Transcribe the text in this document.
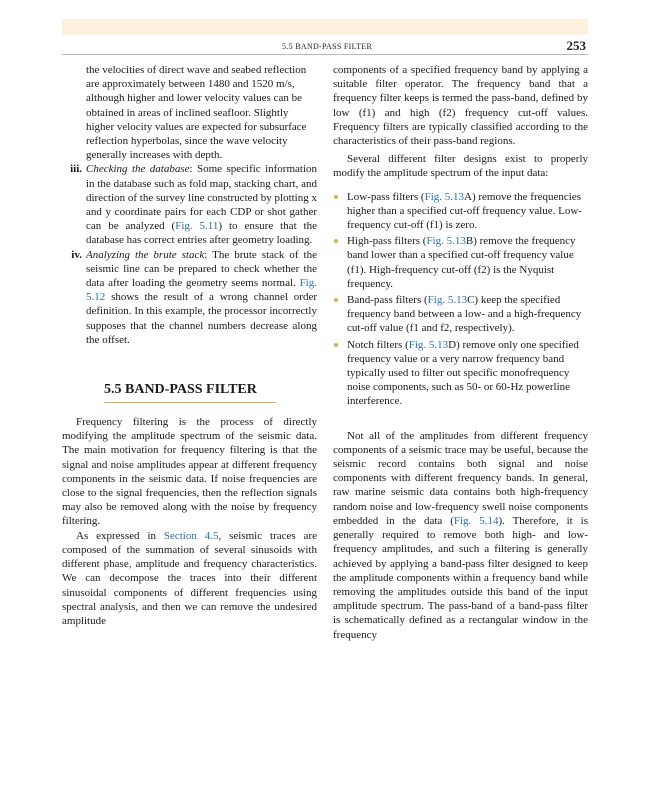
5.5 BAND-PASS FILTER	253

the velocities of direct wave and seabed reflection are approximately between 1480 and 1520 m/s, although higher and lower velocity values can be obtained in areas of inclined seafloor. Slightly higher velocity values are expected for subsurface reflection hyperbolas, since the wave velocity generally increases with depth.

iii. Checking the database: Some specific information in the database such as fold map, stacking chart, and direction of the survey line constructed by plotting x and y coordinate pairs for each CDP or shot gather can be analyzed (Fig. 5.11) to ensure that the database has correct entries after geometry loading.
iv. Analyzing the brute stack: The brute stack of the seismic line can be prepared to check whether the data after loading the geometry seems normal. Fig. 5.12 shows the result of a wrong channel order definition. In this example, the processor incorrectly supposes that the channel numbers decrease along the offset.
5.5 BAND-PASS FILTER

Frequency filtering is the process of directly modifying the amplitude spectrum of the seismic data. The main motivation for frequency filtering is that the signal and noise amplitudes appear at different frequency components in the seismic data. If noise frequencies are close to the signal frequencies, then the reflection signals may also be removed along with the noise by frequency filtering.

As expressed in Section 4.5, seismic traces are composed of the summation of several sinusoids with different phase, amplitude and frequency characteristics. We can decompose the traces into their different sinusoidal components of different frequencies using spectral analysis, and then we can remove the undesired amplitude

components of a specified frequency band by applying a suitable filter operator. The frequency band that a frequency filter keeps is termed the pass-band, defined by low (f1) and high (f2) frequency cut-off values. Frequency filters are typically classified according to the characteristics of their pass-band regions.

Several different filter designs exist to properly modify the amplitude spectrum of the input data:

Low-pass filters (Fig. 5.13A) remove the frequencies higher than a specified cut-off frequency value. Low-frequency cut-off (f1) is zero.
High-pass filters (Fig. 5.13B) remove the frequency band lower than a specified cut-off frequency value (f1). High-frequency cut-off (f2) is the Nyquist frequency.
Band-pass filters (Fig. 5.13C) keep the specified frequency band between a low- and a high-frequency cut-off value (f1 and f2, respectively).
Notch filters (Fig. 5.13D) remove only one specified frequency value or a very narrow frequency band typically used to filter out specific monofrequency noise components, such as 50- or 60-Hz powerline interference.

Not all of the amplitudes from different frequency components of a seismic trace may be useful, because the seismic record contains both signal and noise components with different frequency bands. In general, raw marine seismic data contains both high-frequency random noise and low-frequency swell noise components embedded in the data (Fig. 5.14). Therefore, it is generally required to remove both high- and low-frequency amplitudes, and such a filtering is generally achieved by applying a band-pass filter designed to keep the amplitude components within a frequency band while removing the amplitudes outside this band of the input amplitude spectrum. The pass-band of a band-pass filter is schematically defined as a rectangular window in the frequency
